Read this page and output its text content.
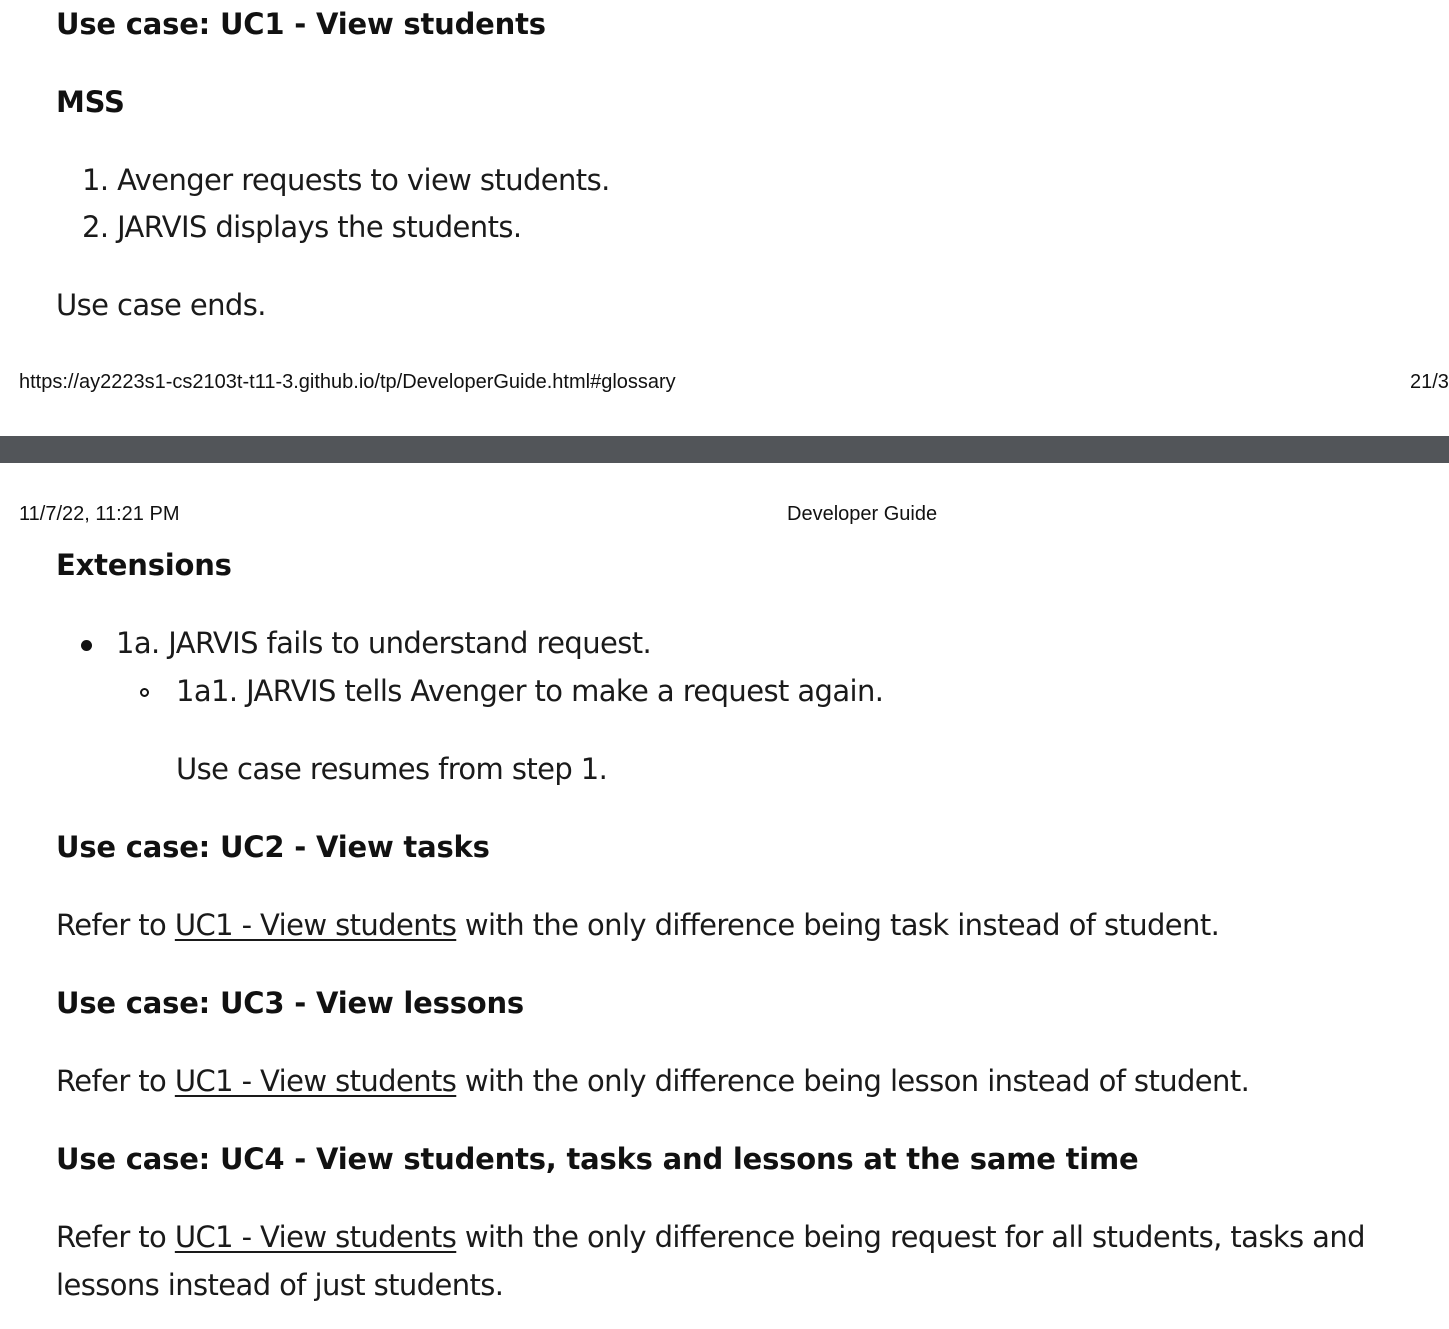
Use case: UC1 - View students
MSS
1. Avenger requests to view students.
2. JARVIS displays the students.
Use case ends.
https://ay2223s1-cs2103t-t11-3.github.io/tp/DeveloperGuide.html#glossary	21/3
11/7/22, 11:21 PM	Developer Guide
Extensions
1a. JARVIS fails to understand request.
1a1. JARVIS tells Avenger to make a request again.
Use case resumes from step 1.
Use case: UC2 - View tasks
Refer to UC1 - View students with the only difference being task instead of student.
Use case: UC3 - View lessons
Refer to UC1 - View students with the only difference being lesson instead of student.
Use case: UC4 - View students, tasks and lessons at the same time
Refer to UC1 - View students with the only difference being request for all students, tasks and
lessons instead of just students.
